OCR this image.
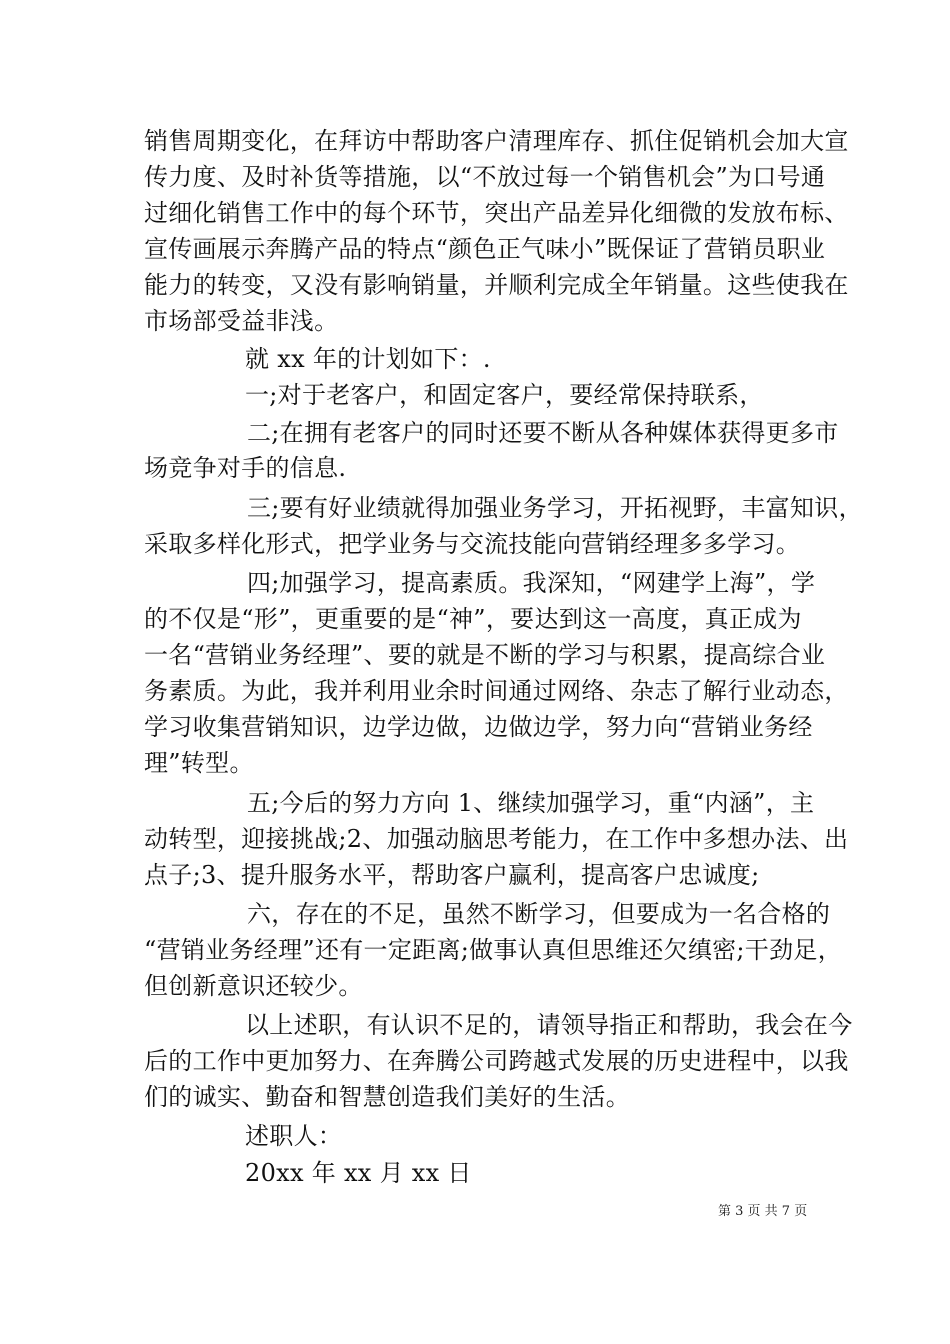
销售周期变化，在拜访中帮助客户清理库存、抓住促销机会加大宣
传力度、及时补货等措施，以“不放过每一个销售机会”为口号通
过细化销售工作中的每个环节，突出产品差异化细微的发放布标、
宣传画展示奔腾产品的特点“颜色正气味小”既保证了营销员职业
能力的转变，又没有影响销量，并顺利完成全年销量。这些使我在
市场部受益非浅。
就 xx 年的计划如下：.
一;对于老客户，和固定客户，要经常保持联系，
二;在拥有老客户的同时还要不断从各种媒体获得更多市
场竞争对手的信息.
三;要有好业绩就得加强业务学习，开拓视野，丰富知识，
采取多样化形式，把学业务与交流技能向营销经理多多学习。
四;加强学习，提高素质。我深知，“网建学上海”，学
的不仅是“形”，更重要的是“神”，要达到这一高度，真正成为
一名“营销业务经理”、要的就是不断的学习与积累，提高综合业
务素质。为此，我并利用业余时间通过网络、杂志了解行业动态，
学习收集营销知识，边学边做，边做边学，努力向“营销业务经
理”转型。
五;今后的努力方向 1、继续加强学习，重“内涵”，主
动转型，迎接挑战;2、加强动脑思考能力，在工作中多想办法、出
点子;3、提升服务水平，帮助客户赢利，提高客户忠诚度;
六，存在的不足，虽然不断学习，但要成为一名合格的
“营销业务经理”还有一定距离;做事认真但思维还欠缜密;干劲足，
但创新意识还较少。
以上述职，有认识不足的，请领导指正和帮助，我会在今
后的工作中更加努力、在奔腾公司跨越式发展的历史进程中，以我
们的诚实、勤奋和智慧创造我们美好的生活。
述职人：
20xx 年 xx 月 xx 日
第 3 页 共 7 页
